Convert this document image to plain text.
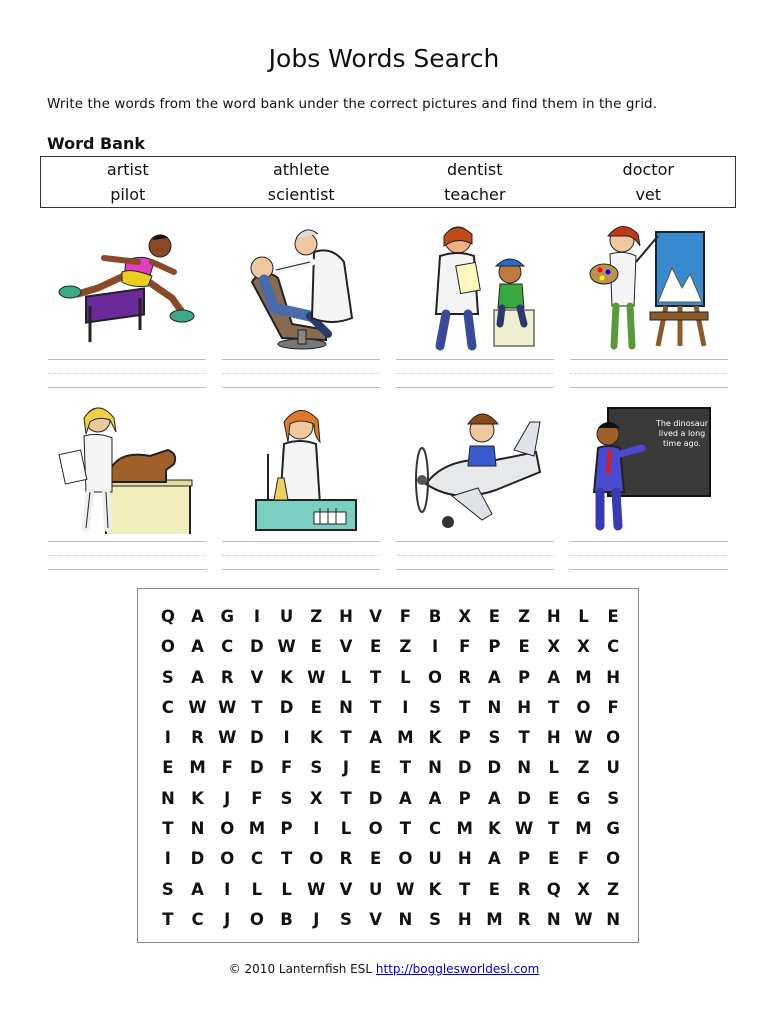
Jobs Words Search
Write the words from the word bank under the correct pictures and find them in the grid.
Word Bank
artist	athlete	dentist	doctor
pilot	scientist	teacher	vet
The dinosaur
lived a long
time ago.
Q A	G	I	U	Z	H V	F	B	X	E	Z	H	L	E
O A	C	D W E	V	E	Z	I	F	P	E	X	X	C
S	A	R	V	K W L	T	L	O R	A	P	A M H
C W W T	D	E	N	T	I	S	T	N H	T	O	F
I	R W D	I	K	T	A M K	P	S	T	H W O
E M F	D	F	S	J	E	T	N D D N	L	Z	U
N K	J	F	S	X	T	D A	A	P	A D	E	G	S
T	N O M P	I	L	O	T	C M K W T M G
I	D O	C	T	O R	E	O U H A	P	E	F	O
S	A	I	L	L W V	U W K	T	E	R Q X	Z
T	C	J	O B	J	S	V N	S	H M R N W N
© 2010 Lanternfish ESL http://bogglesworldesl.com
